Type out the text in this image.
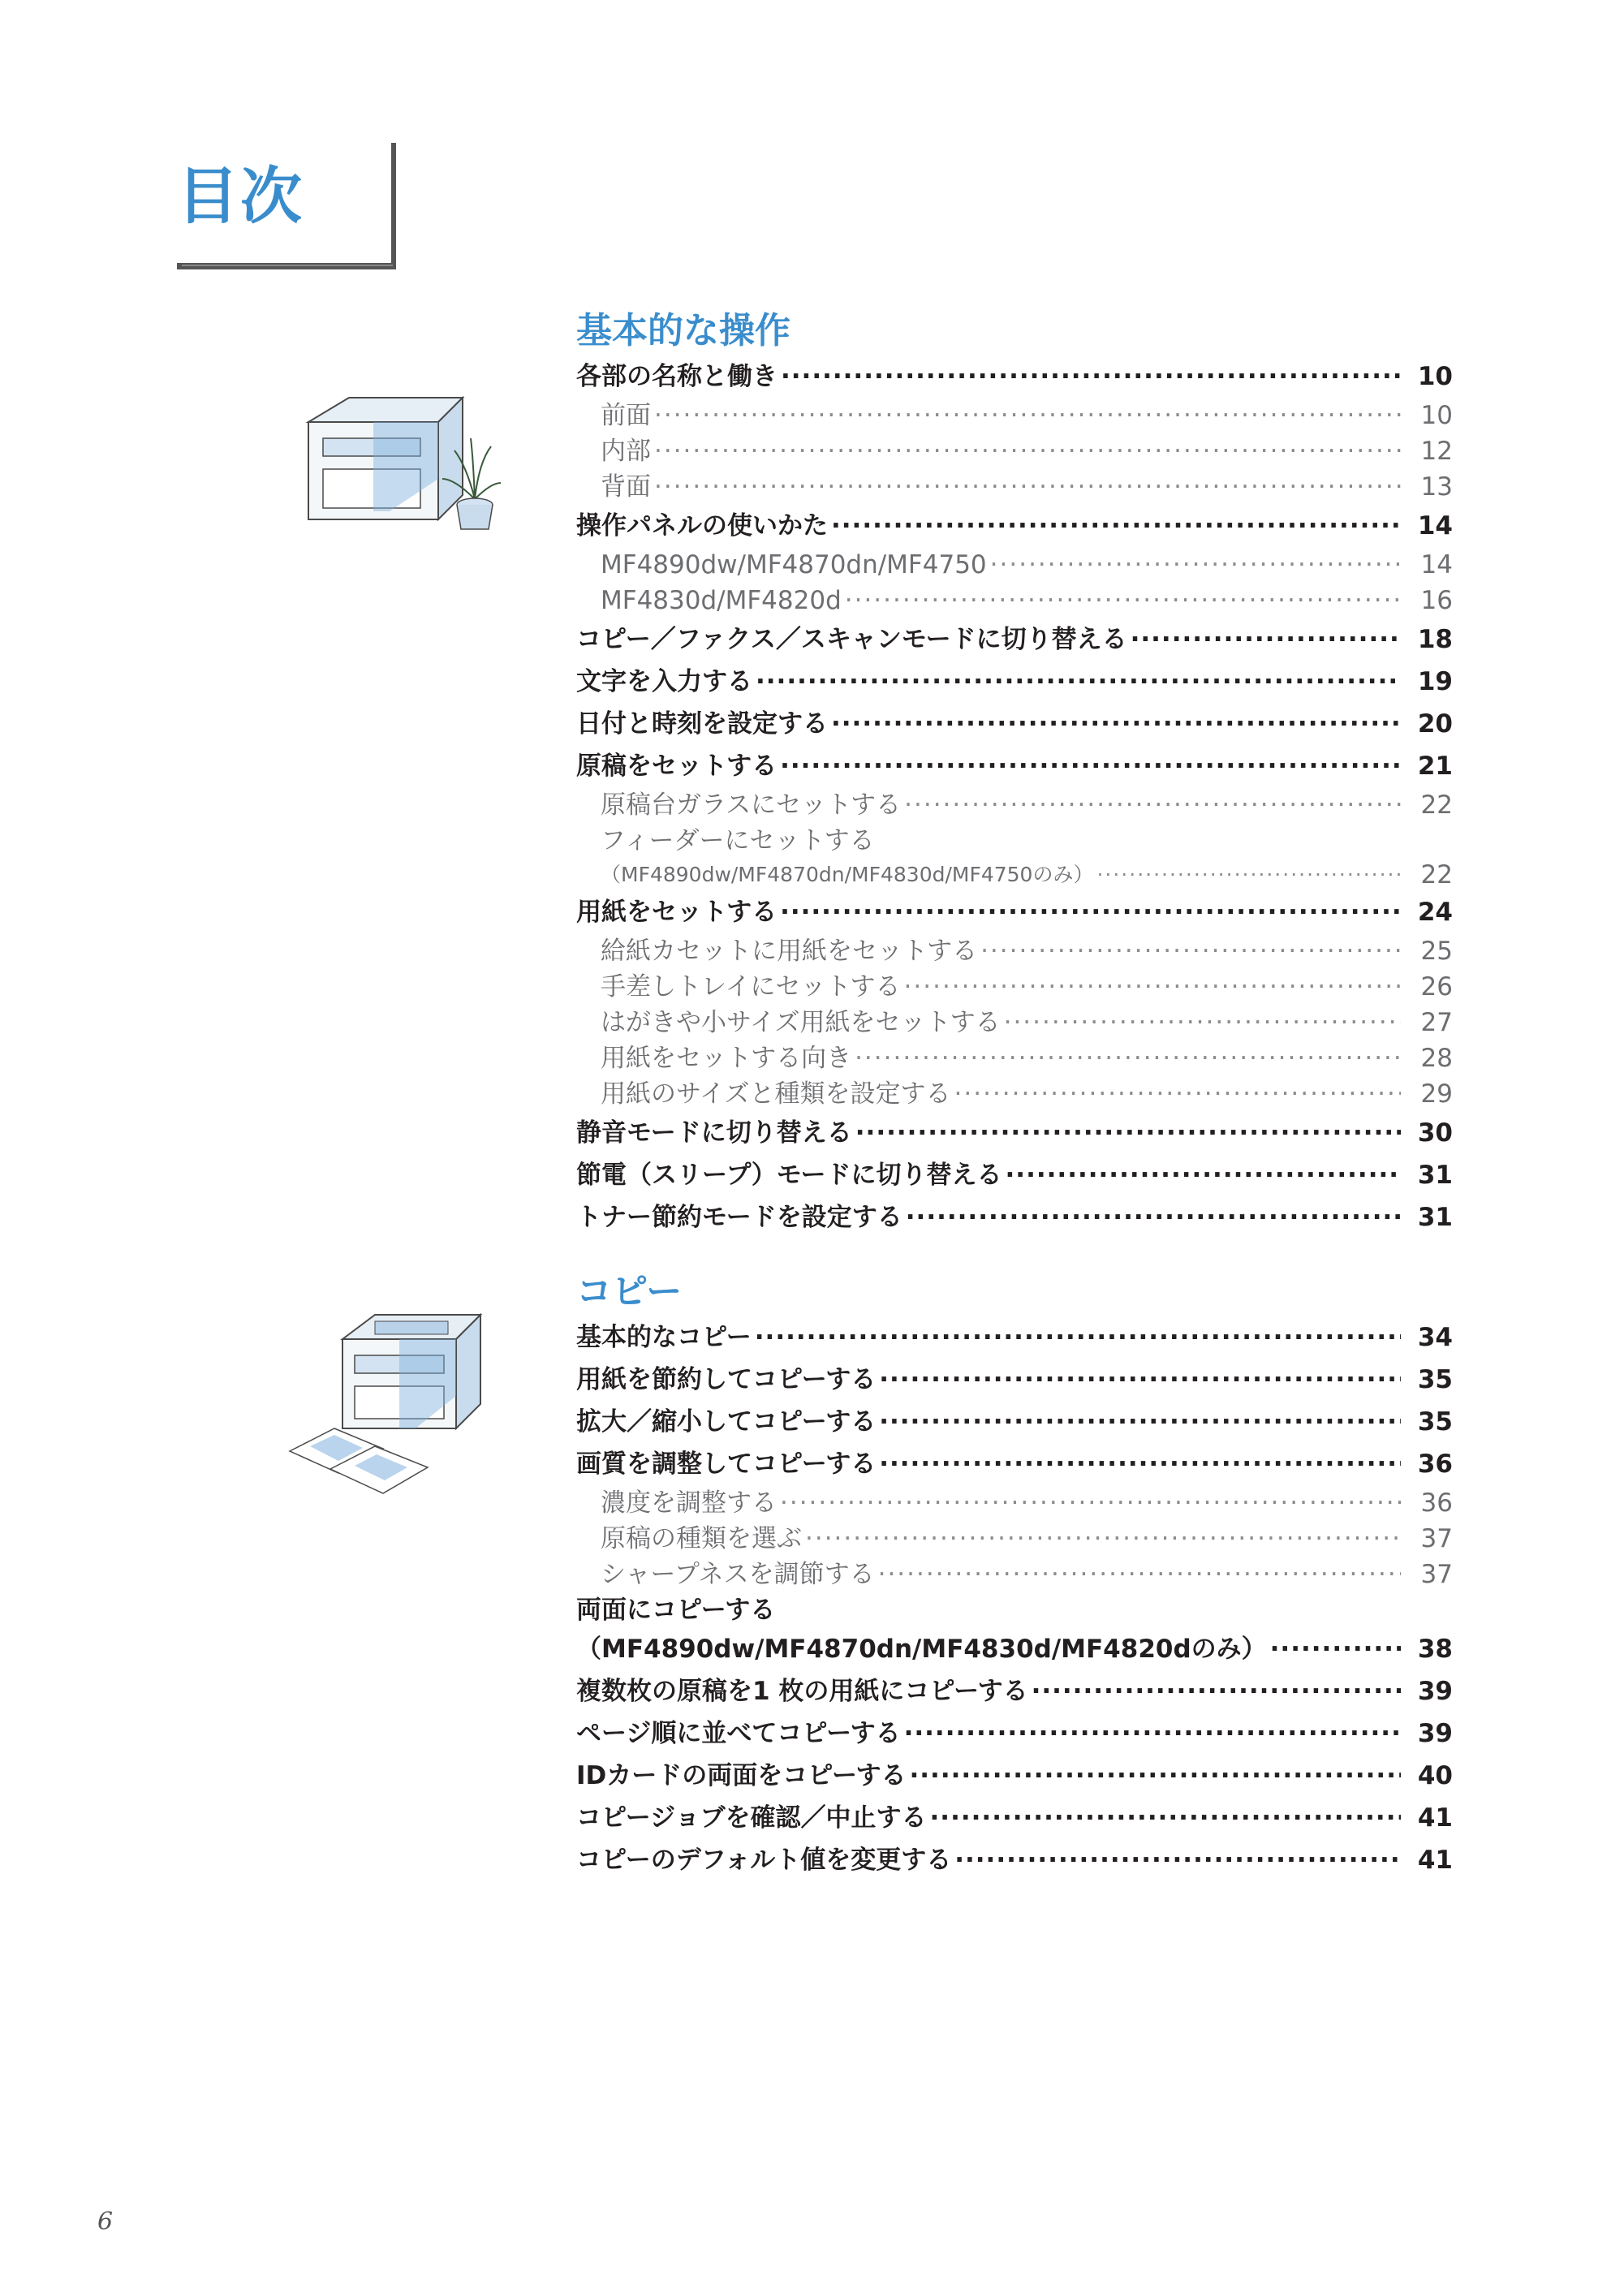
目次
基本的な操作
各部の名称と働き ·····	10
前面 ·····	10
内部 ·····	12
背面 ·····	13
操作パネルの使いかた ·····	14
MF4890dw/MF4870dn/MF4750 ·····	14
MF4830d/MF4820d ·····	16
コピー／ファクス／スキャンモードに切り替える ·····	18
文字を入力する ·····	19
日付と時刻を設定する ·····	20
原稿をセットする ·····	21
原稿台ガラスにセットする ·····	22
フィーダーにセットする
（MF4890dw/MF4870dn/MF4830d/MF4750のみ） ·····	22
用紙をセットする ·····	24
給紙カセットに用紙をセットする ·····	25
手差しトレイにセットする ·····	26
はがきや小サイズ用紙をセットする ·····	27
用紙をセットする向き ·····	28
用紙のサイズと種類を設定する ·····	29
静音モードに切り替える ·····	30
節電（スリープ）モードに切り替える ·····	31
トナー節約モードを設定する ·····	31
コピー
基本的なコピー ·····	34
用紙を節約してコピーする ·····	35
拡大／縮小してコピーする ·····	35
画質を調整してコピーする ·····	36
濃度を調整する ·····	36
原稿の種類を選ぶ ·····	37
シャープネスを調節する ·····	37
両面にコピーする
（MF4890dw/MF4870dn/MF4830d/MF4820dのみ） ·····	38
複数枚の原稿を1 枚の用紙にコピーする ·····	39
ページ順に並べてコピーする ·····	39
IDカードの両面をコピーする ·····	40
コピージョブを確認／中止する ·····	41
コピーのデフォルト値を変更する ·····	41
6
